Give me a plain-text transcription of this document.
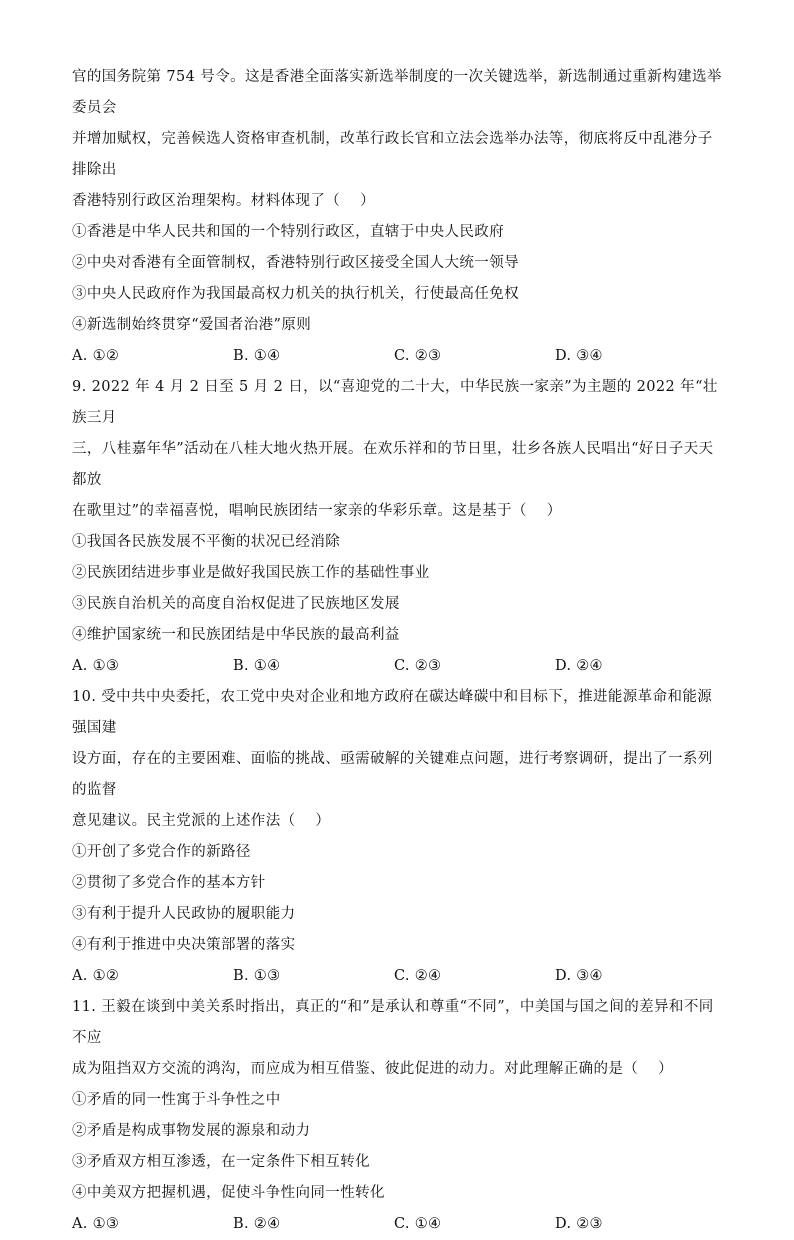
官的国务院第 754 号令。这是香港全面落实新选举制度的一次关键选举，新选制通过重新构建选举委员会

并增加赋权，完善候选人资格审查机制，改革行政长官和立法会选举办法等，彻底将反中乱港分子排除出

香港特别行政区治理架构。材料体现了（　 ）

①香港是中华人民共和国的一个特别行政区，直辖于中央人民政府

②中央对香港有全面管制权，香港特别行政区接受全国人大统一领导

③中央人民政府作为我国最高权力机关的执行机关，行使最高任免权

④新选制始终贯穿“爱国者治港”原则

A. ①②	B. ①④	C. ②③	D. ③④

9. 2022 年 4 月 2 日至 5 月 2 日，以“喜迎党的二十大，中华民族一家亲”为主题的 2022 年“壮族三月

三，八桂嘉年华”活动在八桂大地火热开展。在欢乐祥和的节日里，壮乡各族人民唱出“好日子天天都放

在歌里过”的幸福喜悦，唱响民族团结一家亲的华彩乐章。这是基于（　 ）

①我国各民族发展不平衡的状况已经消除

②民族团结进步事业是做好我国民族工作的基础性事业

③民族自治机关的高度自治权促进了民族地区发展

④维护国家统一和民族团结是中华民族的最高利益

A. ①③	B. ①④	C. ②③	D. ②④

10. 受中共中央委托，农工党中央对企业和地方政府在碳达峰碳中和目标下，推进能源革命和能源强国建

设方面，存在的主要困难、面临的挑战、亟需破解的关键难点问题，进行考察调研，提出了一系列的监督

意见建议。民主党派的上述作法（　 ）

①开创了多党合作的新路径

②贯彻了多党合作的基本方针

③有利于提升人民政协的履职能力

④有利于推进中央决策部署的落实

A. ①②	B. ①③	C. ②④	D. ③④

11. 王毅在谈到中美关系时指出，真正的“和”是承认和尊重“不同”，中美国与国之间的差异和不同不应

成为阻挡双方交流的鸿沟，而应成为相互借鉴、彼此促进的动力。对此理解正确的是（　 ）

①矛盾的同一性寓于斗争性之中

②矛盾是构成事物发展的源泉和动力

③矛盾双方相互渗透，在一定条件下相互转化

④中美双方把握机遇，促使斗争性向同一性转化

A. ①③	B. ②④	C. ①④	D. ②③
